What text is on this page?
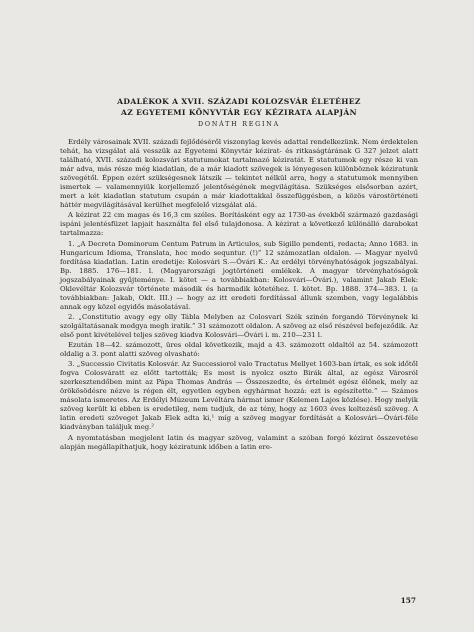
ADALÉKOK A XVII. SZÁZADI KOLOZSVÁR ÉLETÉHEZ
AZ EGYETEMI KÖNYVTÁR EGY KÉZIRATA ALAPJÁN
DONÁTH REGINA

Erdély városainak XVII. századi fejlődéséről viszonylag kevés adattal rendelkezünk. Nem érdektelen tehát, ha vizsgálat alá vesszük az Egyetemi Könyvtár kézirat- és ritkaságtárának G 327 jelzet alatt található, XVII. századi kolozsvári statutumokat tartalmazó kéziratát. E statutumok egy része ki van már adva, más része még kiadatlan, de a már kiadott szövegek is lényegesen különböznek kéziratunk szövegétől. Éppen ezért szükségesnek látszik — tekintet nélkül arra, hogy a statutumok mennyiben ismertek — valamennyiük korjellemző jelentőségének megvilágítása. Szükséges elsősorban azért, mert a két kiadatlan statutum csupán a már kiadottakkal összefüggésben, a közös várostörténeti háttér megvilágításával kerülhet megfelelő vizsgálat alá.

A kézirat 22 cm magas és 16,3 cm széles. Borításként egy az 1730-as évekből származó gazdasági ispáni jelentésfüzet lapjait használta fel első tulajdonosa. A kézirat a következő különálló darabokat tartalmazza:

1. „A Decreta Dominorum Centum Patrum in Articulos, sub Sigillo pendenti, redacta; Anno 1683. in Hungaricum Idioma, Translata, hoc modo sequntur. (!)” 12 számozatlan oldalon. — Magyar nyelvű fordítása kiadatlan. Latin eredetije: Kolosvári S.—Óvári K.: Az erdélyi törvényhatóságok jogszabályai. Bp. 1885. 176—181. l. (Magyarországi jogtörténeti emlékek. A magyar törvényhatóságok jogszabályainak gyűjteménye. I. kötet — a továbbiakban: Kolosvári—Óvári.), valamint Jakab Elek: Oklevéltár Kolozsvár története második és harmadik kötetéhez. I. kötet. Bp. 1888. 374—383. l. (a továbbiakban: Jakab, Oklt. III.) — hogy az itt eredeti fordítással állunk szemben, vagy legalábbis annak egy közel egyidős másolatával.

2. „Constitutio avagy egy olly Tábla Melyben az Colosvari Szék szinén forgandó Törvénynek ki szolgáltatásanak modgya megh iratik.” 31 számozott oldalon. A szöveg az első részével befejeződik. Az első pont kivételével teljes szöveg kiadva Kolosvári—Óvári i. m. 210—231 l.

Ezután 18—42. számozott, üres oldal következik, majd a 43. számozott oldaltól az 54. számozott oldalig a 3. pont alatti szöveg olvasható:

3. „Successio Civitatis Kolosvár. Az Successiorol valo Tractatus Mellyet 1603-ban írtak, es sok időtől fogva Colosváratt ez előtt tartották; Es most is nyolcz oszto Birák által, az egész Városról szerkesztendőben mint az Pápa Thomas András — Összeszedte, és értelmét egész élőnek, mely az örökösödésre nézve is régen élt, egyetlen egyben egyhármat hozzá: ezt is egészítette.” — Számos másolata ismeretes. Az Erdélyi Múzeum Levéltára hármat ismer (Kelemen Lajos közlése). Hogy melyik szöveg került ki ebben is eredetileg, nem tudjuk, de az tény, hogy az 1603 éves keltezésű szöveg. A latin eredeti szöveget Jakab Elek adta ki,¹ míg a szöveg magyar fordítását a Kolosvári—Óvári-féle kiadványban találjuk meg.²

A nyomtatásban megjelent latin és magyar szöveg, valamint a szóban forgó kézirat összevetése alapján megállapíthatjuk, hogy kéziratunk időben a latin ere-

157
